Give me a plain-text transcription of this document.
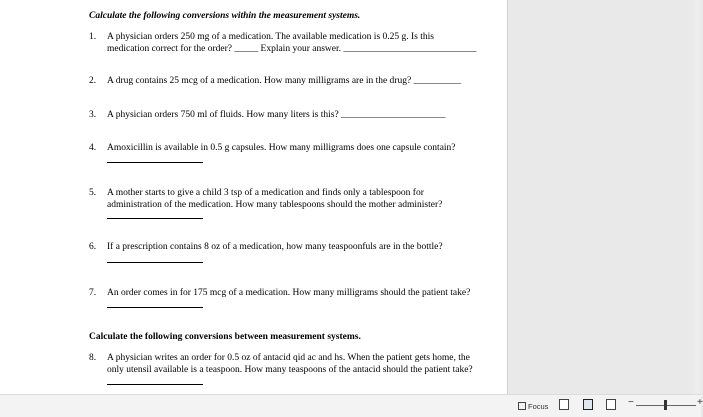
Calculate the following conversions within the measurement systems.
1. A physician orders 250 mg of a medication. The available medication is 0.25 g. Is this
medication correct for the order? _____ Explain your answer. ____________________________
2. A drug contains 25 mcg of a medication. How many milligrams are in the drug? __________
3. A physician orders 750 ml of fluids. How many liters is this? ______________________
4. Amoxicillin is available in 0.5 g capsules. How many milligrams does one capsule contain?
5. A mother starts to give a child 3 tsp of a medication and finds only a tablespoon for
administration of the medication. How many tablespoons should the mother administer?
6. If a prescription contains 8 oz of a medication, how many teaspoonfuls are in the bottle?
7. An order comes in for 175 mcg of a medication. How many milligrams should the patient take?
Calculate the following conversions between measurement systems.
8. A physician writes an order for 0.5 oz of antacid qid ac and hs. When the patient gets home, the
only utensil available is a teaspoon. How many teaspoons of the antacid should the patient take?
Focus	−	+
